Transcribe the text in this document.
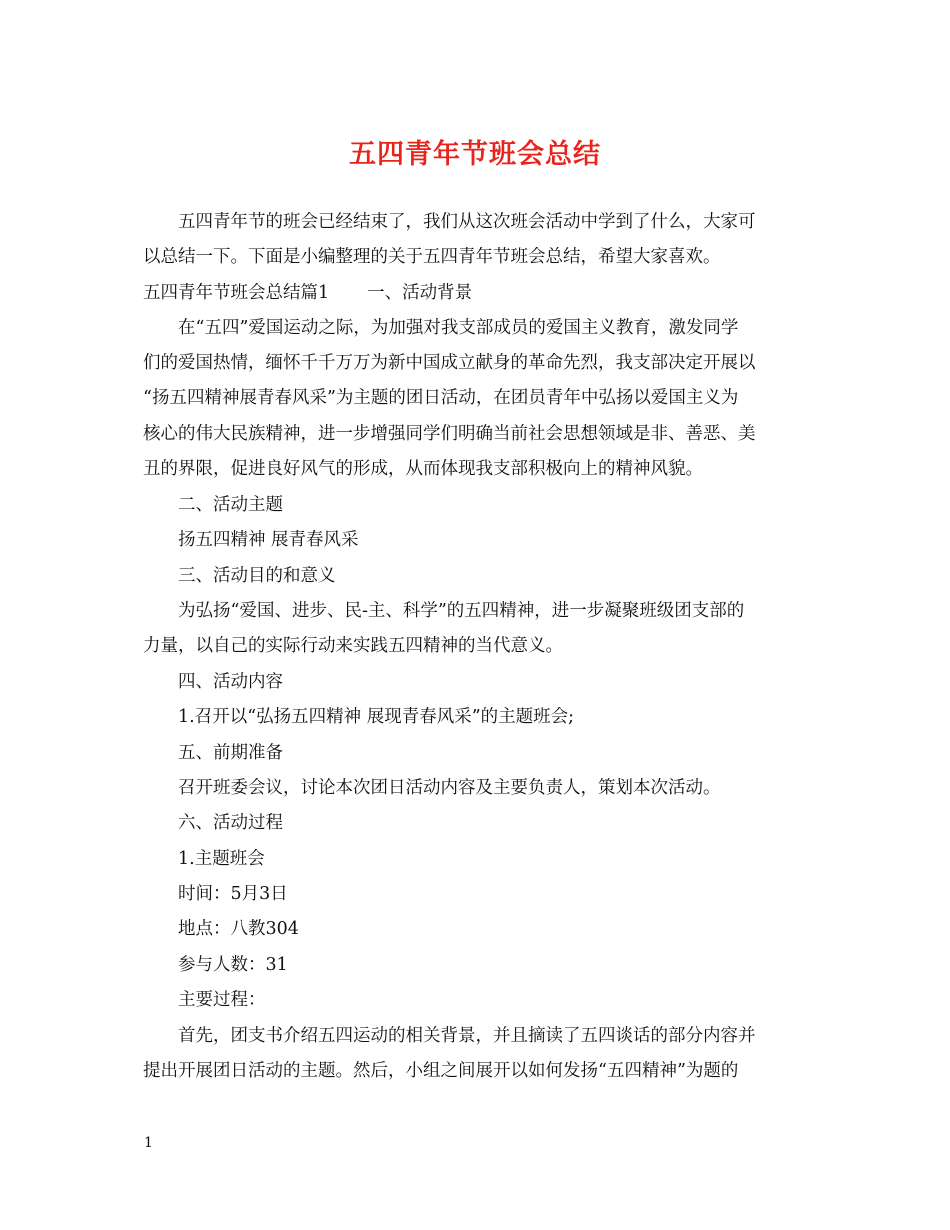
五四青年节班会总结
五四青年节的班会已经结束了，我们从这次班会活动中学到了什么，大家可
以总结一下。下面是小编整理的关于五四青年节班会总结，希望大家喜欢。
五四青年节班会总结篇1 一、活动背景
在“五四”爱国运动之际，为加强对我支部成员的爱国主义教育，激发同学
们的爱国热情，缅怀千千万万为新中国成立献身的革命先烈，我支部决定开展以
“扬五四精神展青春风采”为主题的团日活动，在团员青年中弘扬以爱国主义为
核心的伟大民族精神，进一步增强同学们明确当前社会思想领域是非、善恶、美
丑的界限，促进良好风气的形成，从而体现我支部积极向上的精神风貌。
二、活动主题
扬五四精神 展青春风采
三、活动目的和意义
为弘扬“爱国、进步、民-主、科学”的五四精神，进一步凝聚班级团支部的
力量，以自己的实际行动来实践五四精神的当代意义。
四、活动内容
1.召开以“弘扬五四精神 展现青春风采”的主题班会;
五、前期准备
召开班委会议，讨论本次团日活动内容及主要负责人，策划本次活动。
六、活动过程
1.主题班会
时间：5月3日
地点：八教304
参与人数：31
主要过程：
首先，团支书介绍五四运动的相关背景，并且摘读了五四谈话的部分内容并
提出开展团日活动的主题。然后，小组之间展开以如何发扬“五四精神”为题的
1
